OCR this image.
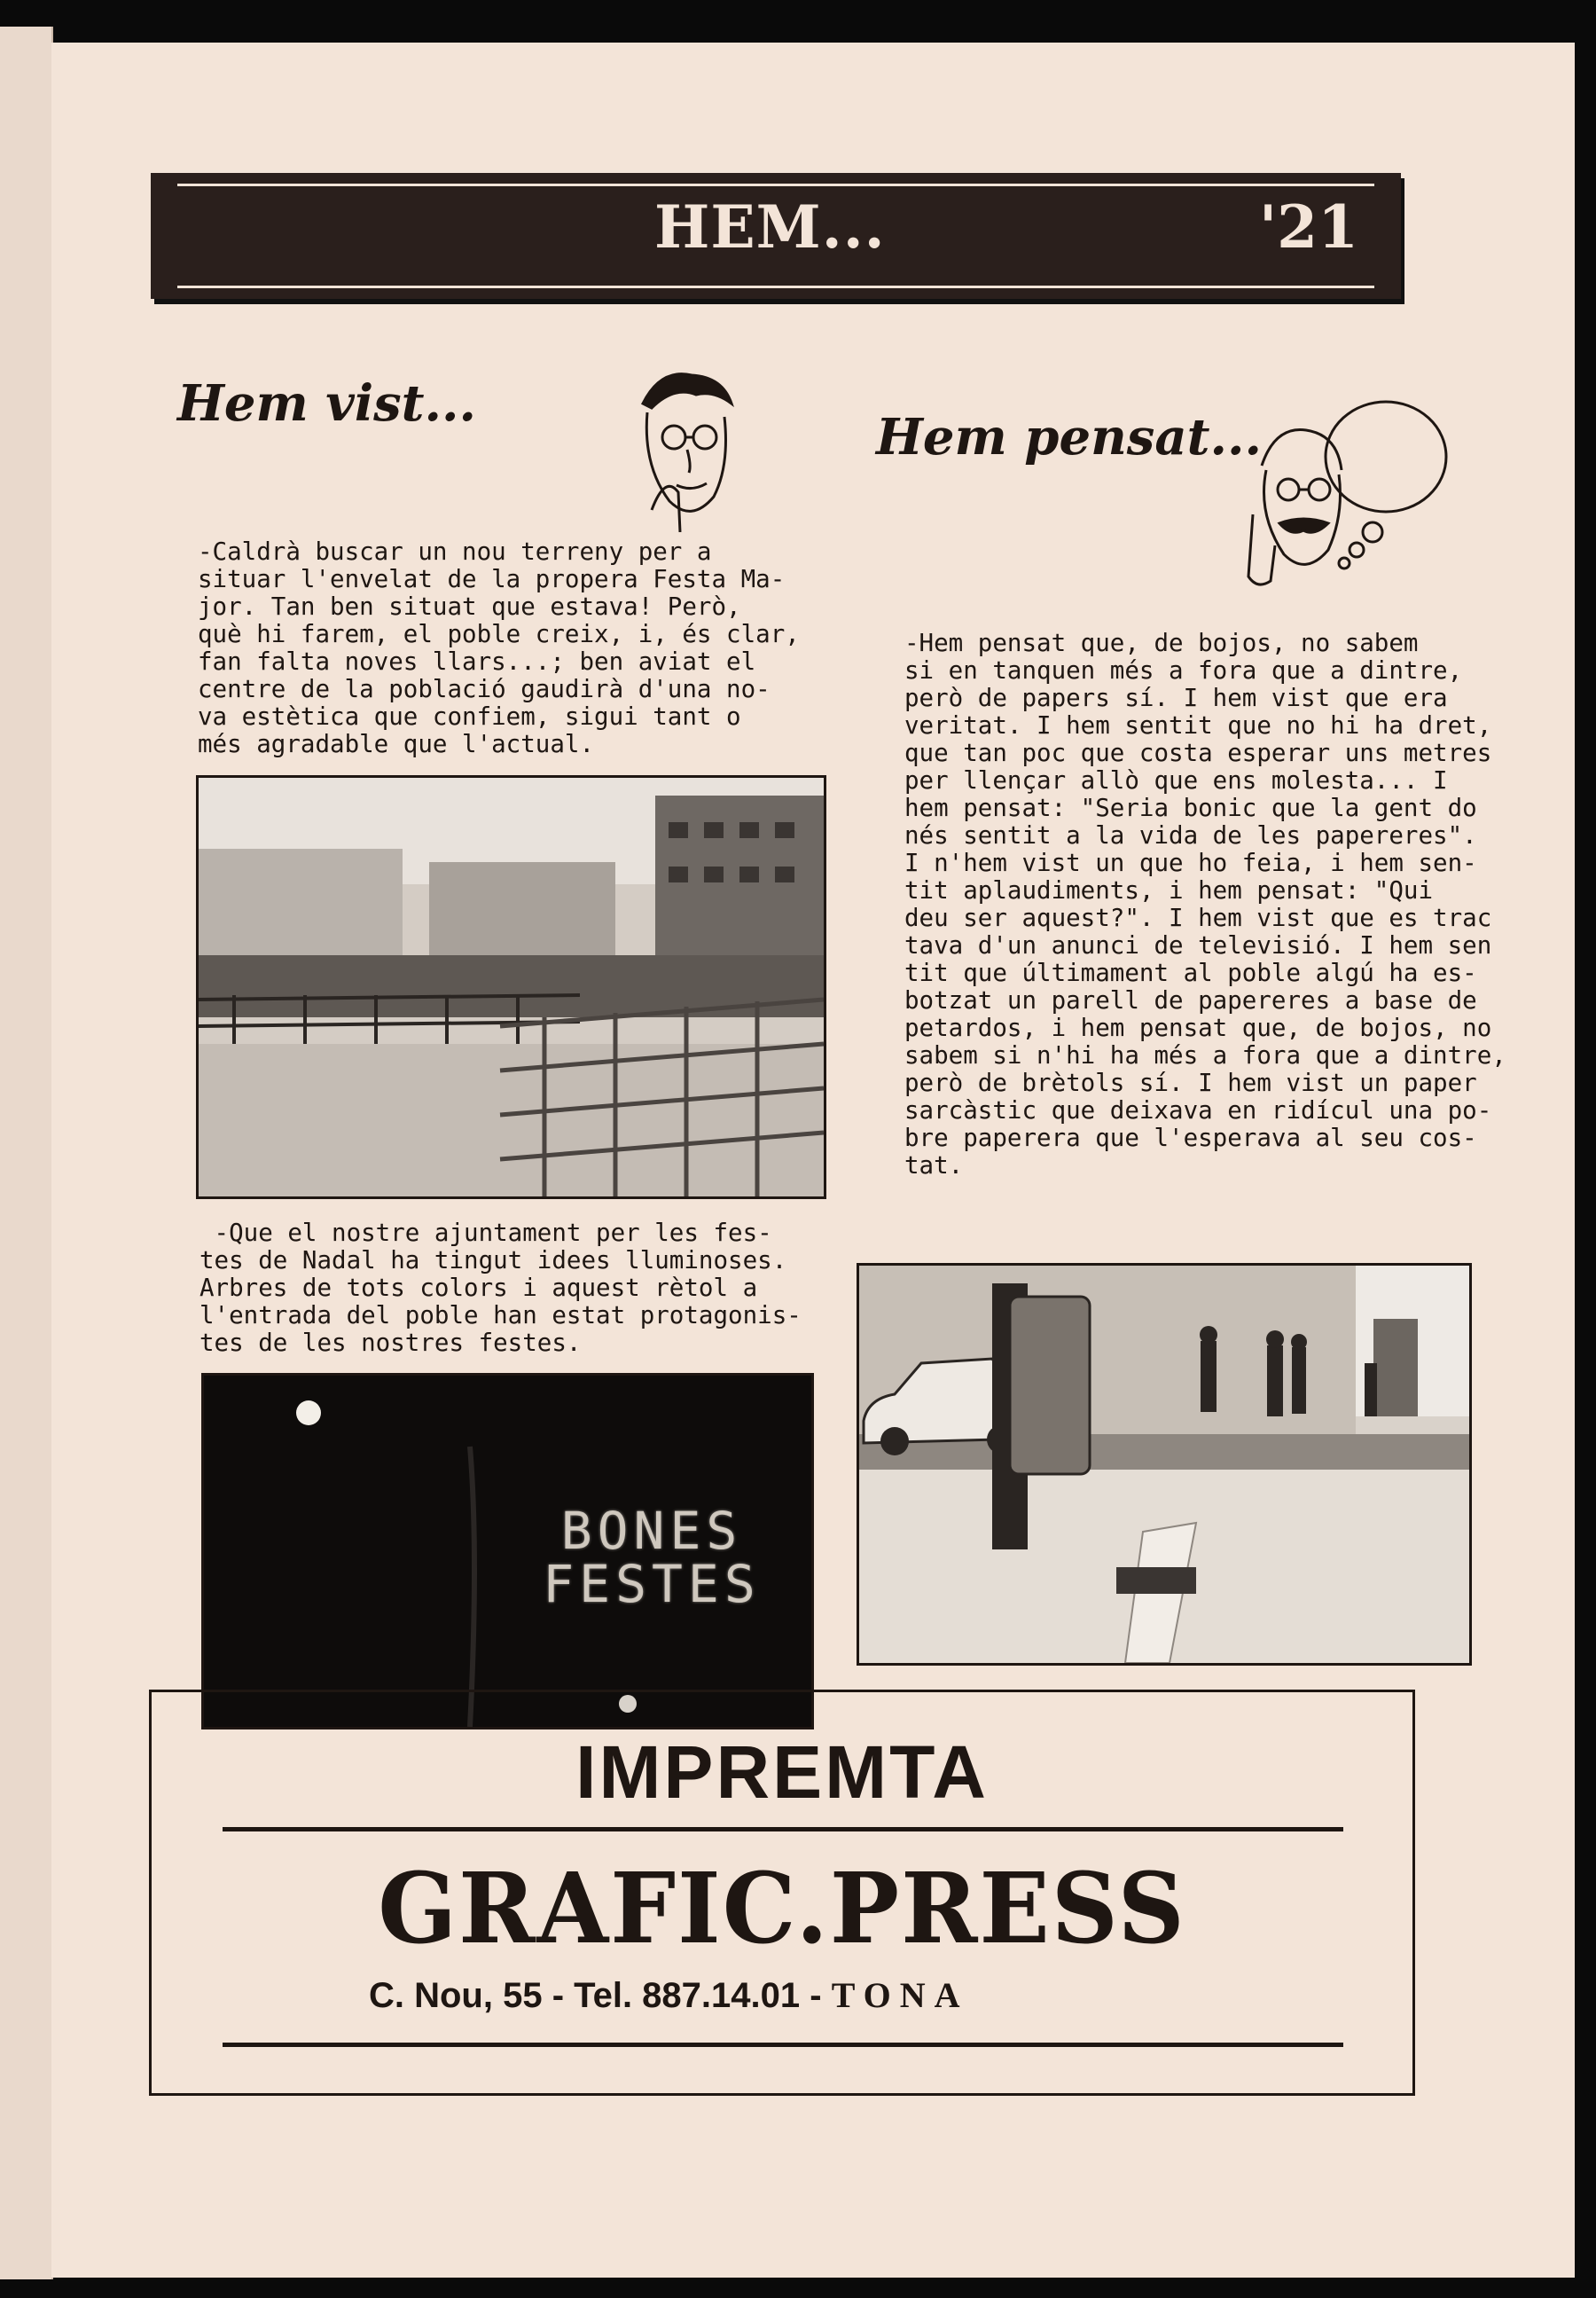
HEM...	'21
Hem vist...
-Caldrà buscar un nou terreny per a
situar l'envelat de la propera Festa Ma-
jor. Tan ben situat que estava! Però,
què hi farem, el poble creix, i, és clar,
fan falta noves llars...; ben aviat el
centre de la població gaudirà d'una no-
va estètica que confiem, sigui tant o
més agradable que l'actual.
-Que el nostre ajuntament per les fes-
tes de Nadal ha tingut idees lluminoses.
Arbres de tots colors i aquest rètol a
l'entrada del poble han estat protagonis-
tes de les nostres festes.
BONES
FESTES
Hem pensat...
-Hem pensat que, de bojos, no sabem
si en tanquen més a fora que a dintre,
però de papers sí. I hem vist que era
veritat. I hem sentit que no hi ha dret,
que tan poc que costa esperar uns metres
per llençar allò que ens molesta... I
hem pensat: "Seria bonic que la gent do
nés sentit a la vida de les papereres".
I n'hem vist un que ho feia, i hem sen-
tit aplaudiments, i hem pensat: "Qui
deu ser aquest?". I hem vist que es trac
tava d'un anunci de televisió. I hem sen
tit que últimament al poble algú ha es-
botzat un parell de papereres a base de
petardos, i hem pensat que, de bojos, no
sabem si n'hi ha més a fora que a dintre,
però de brètols sí. I hem vist un paper
sarcàstic que deixava en ridícul una po-
bre paperera que l'esperava al seu cos-
tat.
IMPREMTA
GRAFIC.PRESS
C. Nou, 55 - Tel. 887.14.01 - TONA
